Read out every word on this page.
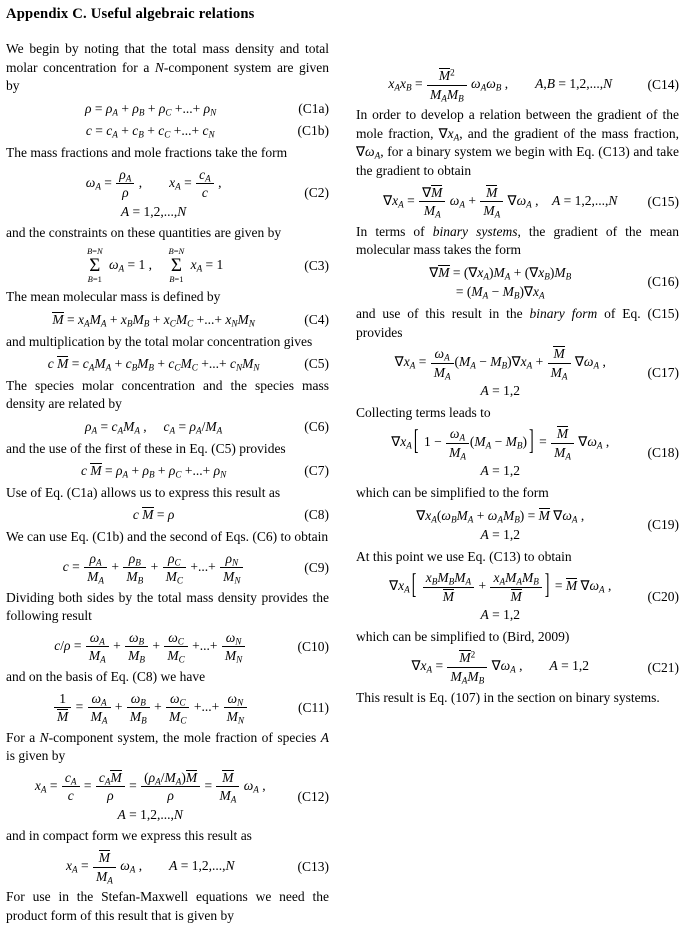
Appendix C. Useful algebraic relations

We begin by noting that the total mass density and total molar concentration for a N-component system are given by

$\rho = \rho_A + \rho_B + \rho_C$ +...+ $\rho_N$	(C1a)
$c = c_A + c_B + c_C$ +...+ $c_N$	(C1b)

The mass fractions and mole fractions take the form

$\omega_A = \frac{\rho_A}{\rho}$ ,   $x_A = \frac{c_A}{c}$ ,
A = 1,2,...,N
(C2)

and the constraints on these quantities are given by

B=N
Σ
B=1
$\omega_A = 1$ , 
B=N
Σ
B=1
$x_A = 1$	(C3)

The mean molecular mass is defined by

$M = x_AM_A + x_BM_B + x_CM_C$ +...+ $x_NM_N$	(C4)

and multiplication by the total molar concentration gives

c $M = c_AM_A + c_BM_B + c_CM_C$ +...+ $c_NM_N$	(C5)

The species molar concentration and the species mass density are related by

$\rho_A = c_AM_A$ ,  $c_A = \rho_A/M_A$	(C6)

and the use of the first of these in Eq. (C5) provides

c $M = \rho_A + \rho_B + \rho_C$ +...+ $\rho_N$	(C7)

Use of Eq. (C1a) allows us to express this result as

c M = ρ	(C8)

We can use Eq. (C1b) and the second of Eqs. (C6) to obtain

$c = \frac{\rho_A}{M_A} + \frac{\rho_B}{M_B} + \frac{\rho_C}{M_C}$ +...+ $\frac{\rho_N}{M_N}$	(C9)

Dividing both sides by the total mass density provides the following result

$c/\rho = \frac{\omega_A}{M_A} + \frac{\omega_B}{M_B} + \frac{\omega_C}{M_C}$ +...+ $\frac{\omega_N}{M_N}$	(C10)

and on the basis of Eq. (C8) we have

$\frac{1}{M} = \frac{\omega_A}{M_A} + \frac{\omega_B}{M_B} + \frac{\omega_C}{M_C}$ +...+ $\frac{\omega_N}{M_N}$	(C11)

For a N-component system, the mole fraction of species A is given by

$x_A = \frac{c_A}{c}$ =
$c_AM$
ρ
= $\frac{(\rho_A/M_A)M}{\rho} = \frac{M}{M_A} \omega_A$ ,
A = 1,2,...,N
(C12)

and in compact form we express this result as

$x_A = \frac{M}{M_A} \omega_A$ ,   A = 1,2,...,N	(C13)

For use in the Stefan-Maxwell equations we need the product form of this result that is given by

$x_Ax_B$ =
$M^2$
$M_AM_B$
$\omega_A\omega_B$ ,   A,B = 1,2,...,N	(C14)

In order to develop a relation between the gradient of the mole fraction, $\nabla x_A$, and the gradient of the mass fraction, $\nabla\omega_A$, for a binary system we begin with Eq. (C13) and take the gradient to obtain

$\nabla x_A = \frac{\nabla M}{M_A} \omega_A + \frac{M}{M_A} \nabla\omega_A$ ,  A = 1,2,...,N	(C15)

In terms of binary systems, the gradient of the mean molecular mass takes the form

$\nabla M = (\nabla x_A)M_A + (\nabla x_B)M_B$
= $(M_A - M_B)\nabla x_A$
(C16)

and use of this result in the binary form of Eq. (C15) provides

$\nabla x_A = \frac{\omega_A}{M_A} (M_A - M_B)\nabla x_A + \frac{M}{M_A} \nabla\omega_A$ ,
A = 1,2
(C17)

Collecting terms leads to

$\nabla x_A$ [ $1 - \frac{\omega_A}{M_A} (M_A - M_B)$ ] = $\frac{M}{M_A} \nabla\omega_A$ ,
A = 1,2
(C18)

which can be simplified to the form

$\nabla x_A(\omega_BM_A + \omega_AM_B) = M$ $\nabla\omega_A$ ,
A = 1,2
(C19)

At this point we use Eq. (C13) to obtain

$\nabla x_A$ [ $x_BM_BM_A$
M
+
$x_AM_AM_B$
M	] = M $\nabla\omega_A$ ,
A = 1,2
(C20)

which can be simplified to (Bird, 2009)

$\nabla x_A$ =
$M^2$
$M_AM_B$
$\nabla\omega_A$ ,   A = 1,2	(C21)

This result is Eq. (107) in the section on binary systems.
